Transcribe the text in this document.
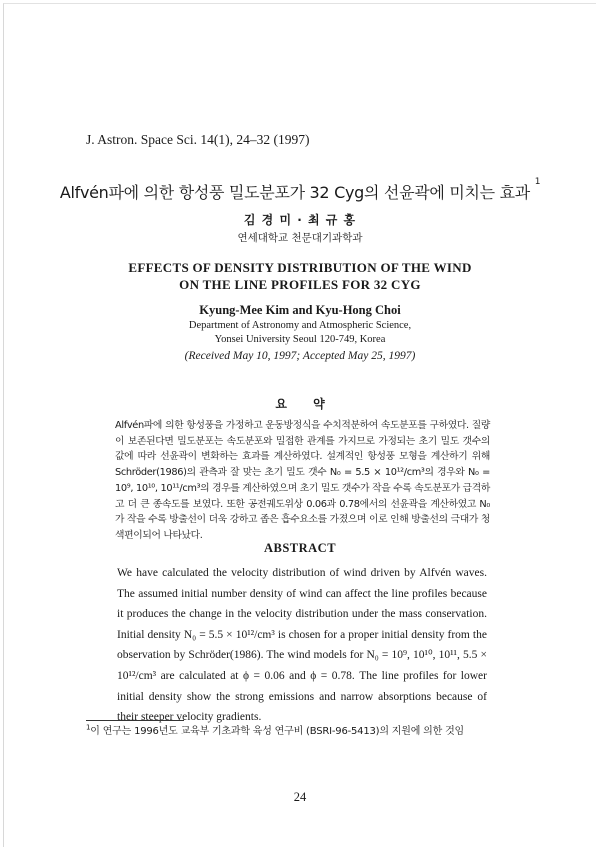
J. Astron. Space Sci. 14(1), 24–32 (1997)
Alfvén파에 의한 항성풍 밀도분포가 32 Cyg의 선윤곽에 미치는 효과 $^1$
김 경 미 · 최 규 홍
연세대학교 천문대기과학과
EFFECTS OF DENSITY DISTRIBUTION OF THE WIND
ON THE LINE PROFILES FOR 32 CYG
Kyung-Mee Kim and Kyu-Hong Choi
Department of Astronomy and Atmospheric Science,
Yonsei University Seoul 120-749, Korea
(Received May 10, 1997; Accepted May 25, 1997)
요 약
Alfvén파에 의한 항성풍을 가정하고 운동방정식을 수치적분하여 속도분포를 구하였다. 질량이 보존된다면 밀도분포는 속도분포와 밀접한 관계를 가지므로 가정되는 초기 밀도 갯수의 값에 따라 선윤곽이 변화하는 효과를 계산하였다. 설계적인 항성풍 모형을 계산하기 위해 Schröder(1986)의 관측과 잘 맞는 초기 밀도 갯수 N₀ = 5.5 × 10¹²/cm³의 경우와 N₀ = 10⁹, 10¹⁰, 10¹¹/cm³의 경우를 계산하였으며 초기 밀도 갯수가 작을 수록 속도분포가 급격하고 더 큰 종속도를 보였다. 또한 공전궤도위상 0.06과 0.78에서의 선윤곽을 계산하였고 N₀가 작을 수록 방출선이 더욱 강하고 좁은 흡수요소를 가졌으며 이로 인해 방출선의 극대가 청색편이되어 나타났다.
ABSTRACT
We have calculated the velocity distribution of wind driven by Alfvén waves. The assumed initial number density of wind can affect the line profiles because it produces the change in the velocity distribution under the mass conservation. Initial density N₀ = 5.5 × 10¹²/cm³ is chosen for a proper initial density from the observation by Schröder(1986). The wind models for N₀ = 10⁹, 10¹⁰, 10¹¹, 5.5 × 10¹²/cm³ are calculated at ϕ = 0.06 and ϕ = 0.78. The line profiles for lower initial density show the strong emissions and narrow absorptions because of their steeper velocity gradients.
$^1$이 연구는 1996년도 교육부 기초과학 육성 연구비 (BSRI-96-5413)의 지원에 의한 것임
24
